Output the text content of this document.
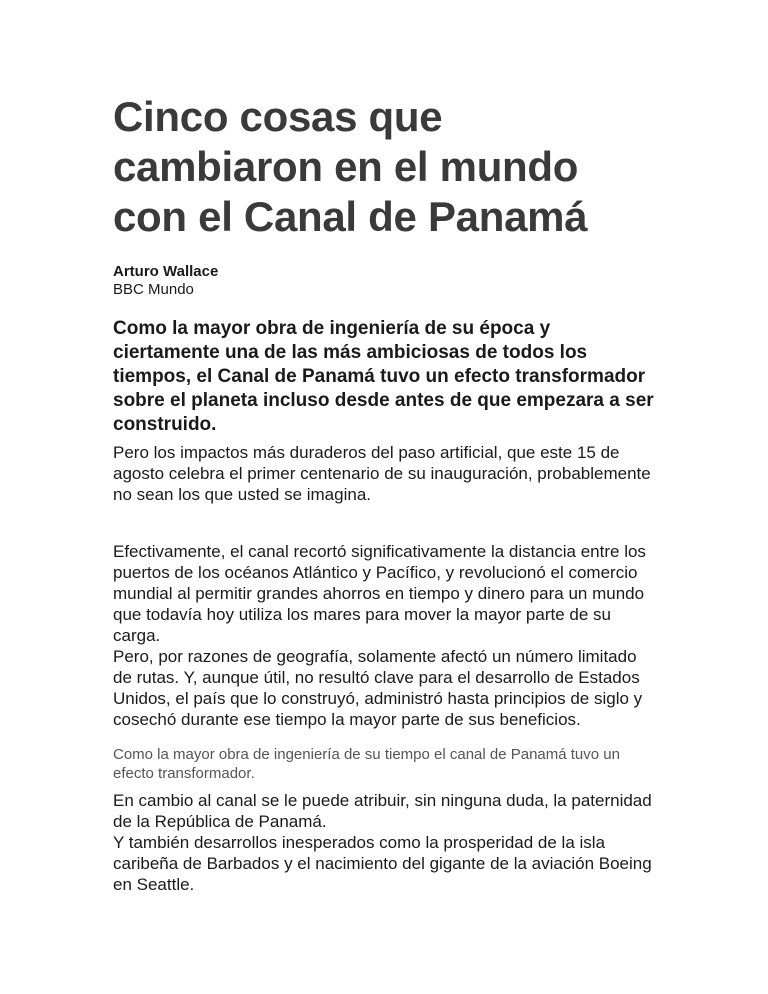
Cinco cosas que cambiaron en el mundo con el Canal de Panamá
Arturo Wallace
BBC Mundo

Como la mayor obra de ingeniería de su época y ciertamente una de las más ambiciosas de todos los tiempos, el Canal de Panamá tuvo un efecto transformador sobre el planeta incluso desde antes de que empezara a ser construido.

Pero los impactos más duraderos del paso artificial, que este 15 de agosto celebra el primer centenario de su inauguración, probablemente no sean los que usted se imagina.

Efectivamente, el canal recortó significativamente la distancia entre los puertos de los océanos Atlántico y Pacífico, y revolucionó el comercio mundial al permitir grandes ahorros en tiempo y dinero para un mundo que todavía hoy utiliza los mares para mover la mayor parte de su carga.

Pero, por razones de geografía, solamente afectó un número limitado de rutas. Y, aunque útil, no resultó clave para el desarrollo de Estados Unidos, el país que lo construyó, administró hasta principios de siglo y cosechó durante ese tiempo la mayor parte de sus beneficios.

Como la mayor obra de ingeniería de su tiempo el canal de Panamá tuvo un efecto transformador.

En cambio al canal se le puede atribuir, sin ninguna duda, la paternidad de la República de Panamá.

Y también desarrollos inesperados como la prosperidad de la isla caribeña de Barbados y el nacimiento del gigante de la aviación Boeing en Seattle.
